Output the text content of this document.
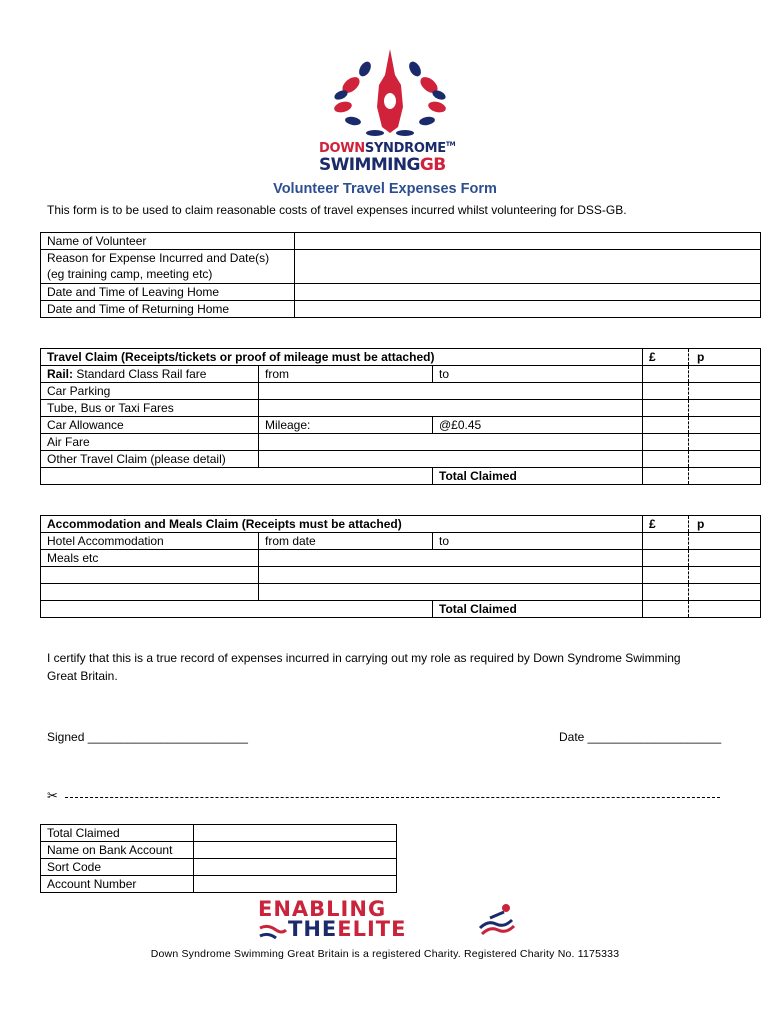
DOWNSYNDROME™
SWIMMINGGB
Volunteer Travel Expenses Form
This form is to be used to claim reasonable costs of travel expenses incurred whilst volunteering for DSS-GB.
Name of Volunteer	
Reason for Expense Incurred and Date(s)
(eg training camp, meeting etc)	
Date and Time of Leaving Home	
Date and Time of Returning Home	
Travel Claim (Receipts/tickets or proof of mileage must be attached)			£	p
Rail: Standard Class Rail fare	from	to		
Car Parking				
Tube, Bus or Taxi Fares				
Car Allowance	Mileage:	@£0.45		
Air Fare				
Other Travel Claim (please detail)				
		Total Claimed		
Accommodation and Meals Claim (Receipts must be attached)			£	p
Hotel Accommodation	from date	to		
Meals etc				

		Total Claimed		
I certify that this is a true record of expenses incurred in carrying out my role as required by Down Syndrome Swimming Great Britain.
Signed ________________________	Date ____________________
✂
Total Claimed	
Name on Bank Account	
Sort Code	
Account Number	
ENABLING
THEELITE
Down Syndrome Swimming Great Britain is a registered Charity. Registered Charity No. 1175333
